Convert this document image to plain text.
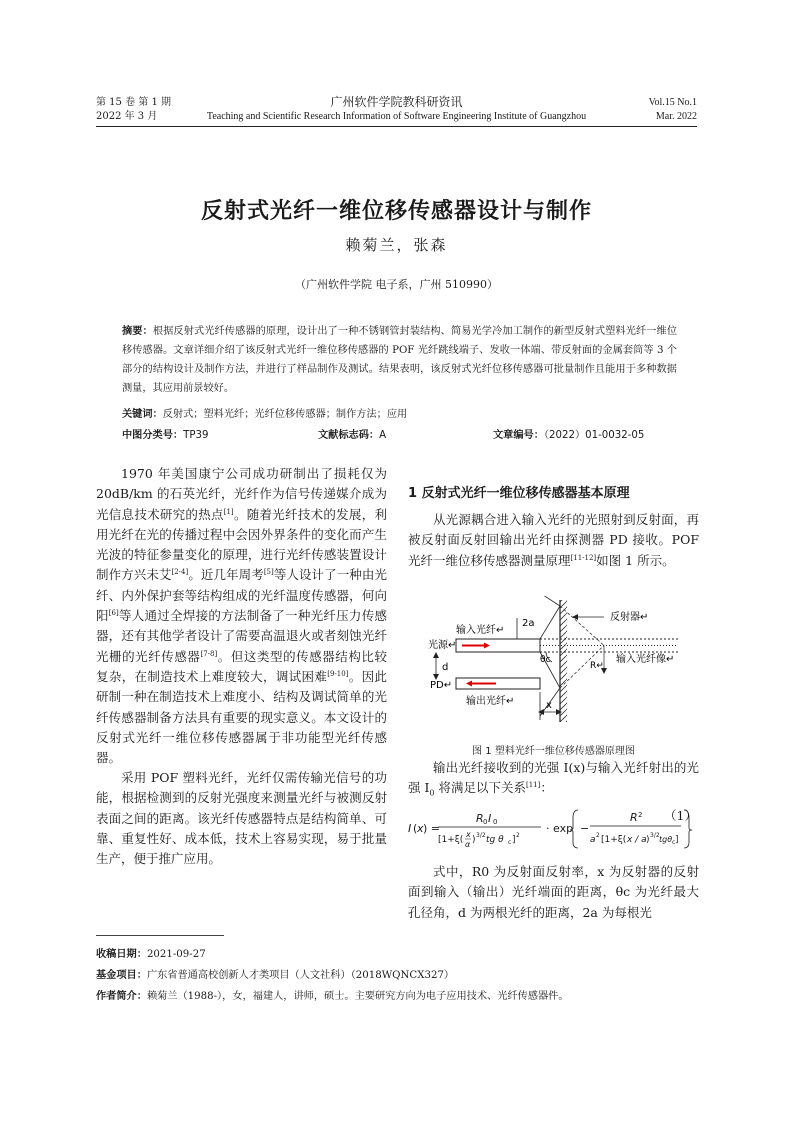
第 15 卷 第 1 期
2022 年 3 月
广州软件学院教科研资讯
Teaching and Scientific Research Information of Software Engineering Institute of Guangzhou
Vol.15 No.1
Mar. 2022
反射式光纤一维位移传感器设计与制作
赖菊兰，张森
（广州软件学院 电子系，广州 510990）
摘要：根据反射式光纤传感器的原理，设计出了一种不锈钢管封装结构、简易光学冷加工制作的新型反射式塑料光纤一维位移传感器。文章详细介绍了该反射式光纤一维位移传感器的 POF 光纤跳线端子、发收一体端、带反射面的金属套筒等 3 个部分的结构设计及制作方法，并进行了样品制作及测试。结果表明，该反射式光纤位移传感器可批量制作且能用于多种数据测量，其应用前景较好。
关键词：反射式；塑料光纤；光纤位移传感器；制作方法；应用
中图分类号：TP39	文献标志码：A	文章编号：（2022）01-0032-05
1970 年美国康宁公司成功研制出了损耗仅为 20dB/km 的石英光纤，光纤作为信号传递媒介成为光信息技术研究的热点[1]。随着光纤技术的发展，利用光纤在光的传播过程中会因外界条件的变化而产生光波的特征参量变化的原理，进行光纤传感装置设计制作方兴未艾[2-4]。近几年周考[5]等人设计了一种由光纤、内外保护套等结构组成的光纤温度传感器，何向阳[6]等人通过全焊接的方法制备了一种光纤压力传感器，还有其他学者设计了需要高温退火或者刻蚀光纤光栅的光纤传感器[7-8]。但这类型的传感器结构比较复杂，在制造技术上难度较大，调试困难[9-10]。因此研制一种在制造技术上难度小、结构及调试简单的光纤传感器制备方法具有重要的现实意义。本文设计的反射式光纤一维位移传感器属于非功能型光纤传感器。
采用 POF 塑料光纤，光纤仅需传输光信号的功能，根据检测到的反射光强度来测量光纤与被测反射表面之间的距离。该光纤传感器特点是结构简单、可靠、重复性好、成本低，技术上容易实现，易于批量生产，便于推广应用。
1 反射式光纤一维位移传感器基本原理
从光源耦合进入输入光纤的光照射到反射面，再被反射面反射回输出光纤由探测器 PD 接收。POF 光纤一维位移传感器测量原理[11-12]如图 1 所示。
反射器↵
输入光纤↵
光源↵
2a
d
θc
R↵
输入光纤像↵
PD↵
输出光纤↵	x
图 1 塑料光纤一维位移传感器原理图
输出光纤接收到的光强 I(x)与输入光纤射出的光强 $I_0$ 将满足以下关系[11]：
I ( x ) =
R 0 I 0
[1+ξ(
x
α ) 3/2 tg θ c ] 2
· exp −
R 2
a 2 [1+ξ( x / a ) 3/2 tgθ c ]
（1）
式中，R0 为反射面反射率，x 为反射器的反射面到输入（输出）光纤端面的距离，θc 为光纤最大孔径角，d 为两根光纤的距离，2a 为每根光
收稿日期：2021-09-27
基金项目：广东省普通高校创新人才类项目（人文社科）（2018WQNCX327）
作者简介：赖菊兰（1988-），女，福建人，讲师，硕士。主要研究方向为电子应用技术、光纤传感器件。
